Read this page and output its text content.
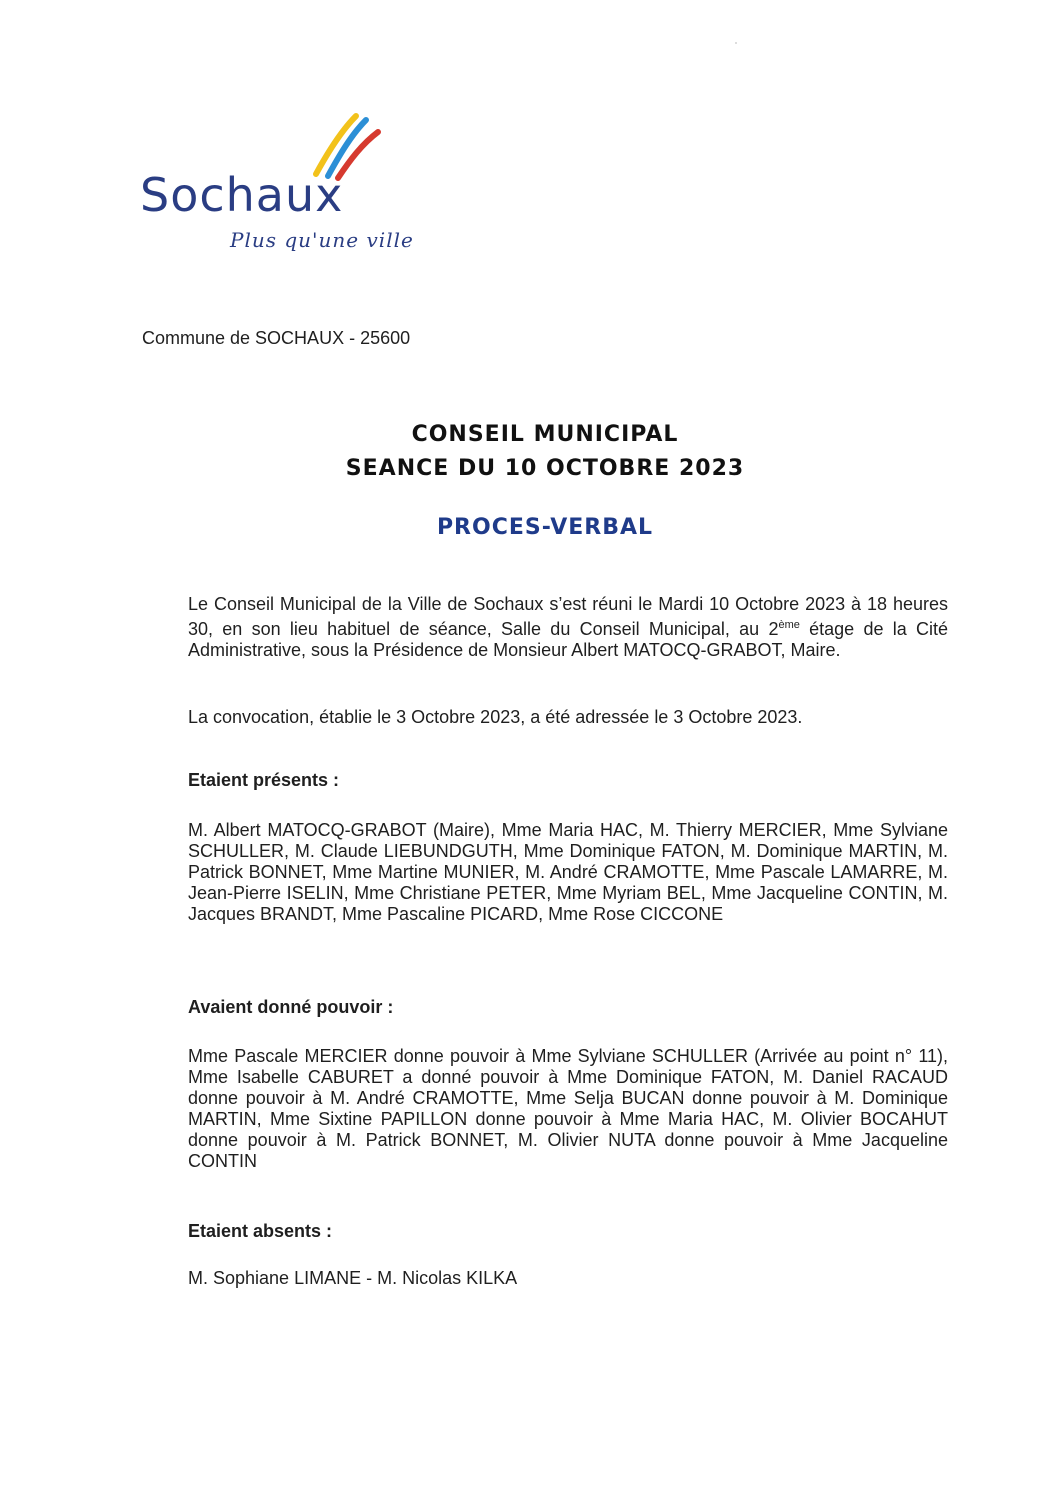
Sochaux
Plus qu'une ville
Commune de SOCHAUX - 25600
CONSEIL MUNICIPAL
SEANCE DU 10 OCTOBRE 2023
PROCES-VERBAL
Le Conseil Municipal de la Ville de Sochaux s’est réuni le Mardi 10 Octobre 2023 à 18 heures 30, en son lieu habituel de séance, Salle du Conseil Municipal, au 2ème étage de la Cité Administrative, sous la Présidence de Monsieur Albert MATOCQ-GRABOT, Maire.
La convocation, établie le 3 Octobre 2023, a été adressée le 3 Octobre 2023.
Etaient présents :
M. Albert MATOCQ-GRABOT (Maire), Mme Maria HAC, M. Thierry MERCIER, Mme Sylviane SCHULLER, M. Claude LIEBUNDGUTH, Mme Dominique FATON, M. Dominique MARTIN, M. Patrick BONNET, Mme Martine MUNIER, M. André CRAMOTTE, Mme Pascale LAMARRE, M. Jean-Pierre ISELIN, Mme Christiane PETER, Mme Myriam BEL, Mme Jacqueline CONTIN, M. Jacques BRANDT, Mme Pascaline PICARD, Mme Rose CICCONE
Avaient donné pouvoir :
Mme Pascale MERCIER donne pouvoir à Mme Sylviane SCHULLER (Arrivée au point n° 11), Mme Isabelle CABURET a donné pouvoir à Mme Dominique FATON, M. Daniel RACAUD donne pouvoir à M. André CRAMOTTE, Mme Selja BUCAN donne pouvoir à M. Dominique MARTIN, Mme Sixtine PAPILLON donne pouvoir à Mme Maria HAC, M. Olivier BOCAHUT donne pouvoir à M. Patrick BONNET, M. Olivier NUTA donne pouvoir à Mme Jacqueline CONTIN
Etaient absents :
M. Sophiane LIMANE - M. Nicolas KILKA
